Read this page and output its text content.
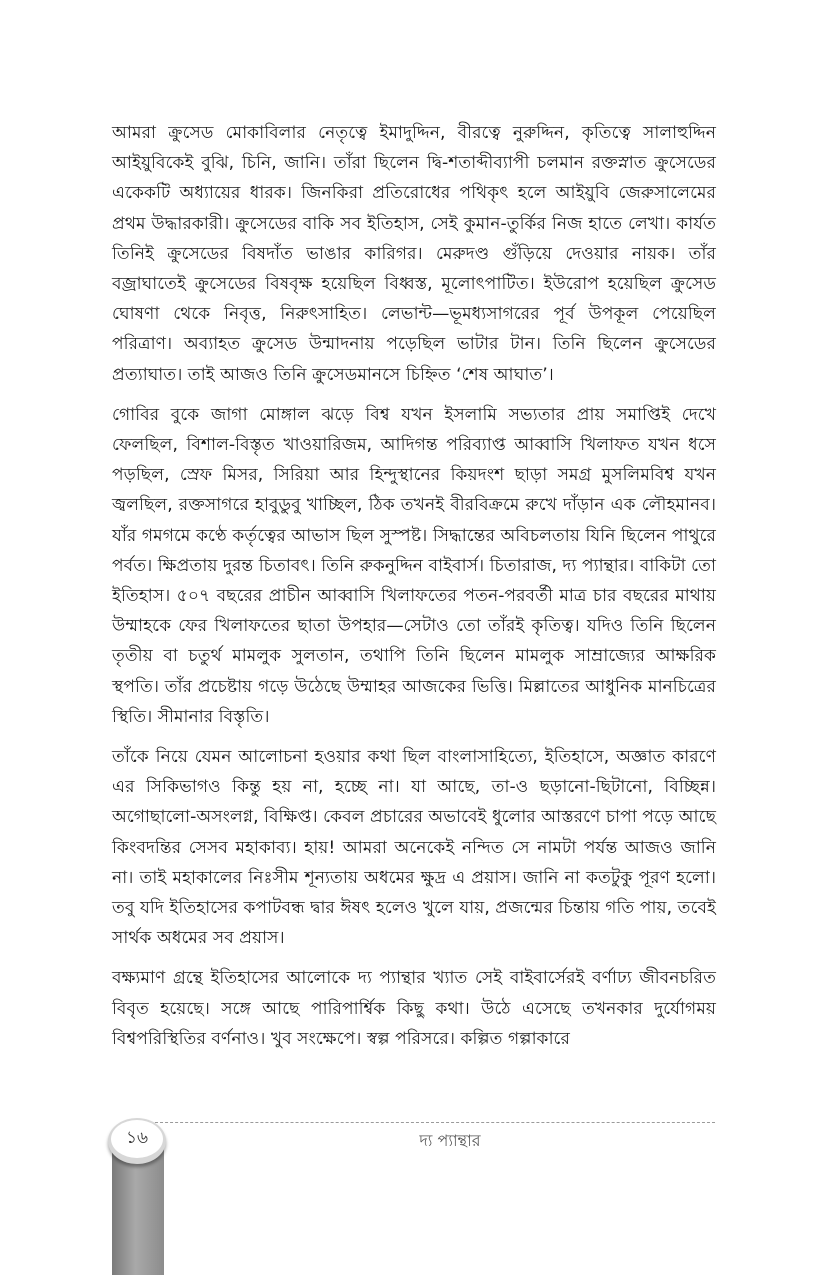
আমরা ক্রুসেড মোকাবিলার নেতৃত্বে ইমাদুদ্দিন, বীরত্বে নুরুদ্দিন, কৃতিত্বে সালাহুদ্দিন আইয়ুবিকেই বুঝি, চিনি, জানি। তাঁরা ছিলেন দ্বি-শতাব্দীব্যাপী চলমান রক্তস্নাত ক্রুসেডের একেকটি অধ্যায়ের ধারক। জিনকিরা প্রতিরোধের পথিকৃৎ হলে আইয়ুবি জেরুসালেমের প্রথম উদ্ধারকারী। ক্রুসেডের বাকি সব ইতিহাস, সেই কুমান-তুর্কির নিজ হাতে লেখা। কার্যত তিনিই ক্রুসেডের বিষদাঁত ভাঙার কারিগর। মেরুদণ্ড গুঁড়িয়ে দেওয়ার নায়ক। তাঁর বজ্রাঘাতেই ক্রুসেডের বিষবৃক্ষ হয়েছিল বিধ্বস্ত, মূলোৎপাটিত। ইউরোপ হয়েছিল ক্রুসেড ঘোষণা থেকে নিবৃত্ত, নিরুৎসাহিত। লেভান্ট—ভূমধ্যসাগরের পূর্ব উপকূল পেয়েছিল পরিত্রাণ। অব্যাহত ক্রুসেড উন্মাদনায় পড়েছিল ভাটার টান। তিনি ছিলেন ক্রুসেডের প্রত্যাঘাত। তাই আজও তিনি ক্রুসেডমানসে চিহ্নিত ‘শেষ আঘাত’।

গোবির বুকে জাগা মোঙ্গাল ঝড়ে বিশ্ব যখন ইসলামি সভ্যতার প্রায় সমাপ্তিই দেখে ফেলছিল, বিশাল-বিস্তৃত খাওয়ারিজম, আদিগন্ত পরিব্যাপ্ত আব্বাসি খিলাফত যখন ধসে পড়ছিল, স্রেফ মিসর, সিরিয়া আর হিন্দুস্থানের কিয়দংশ ছাড়া সমগ্র মুসলিমবিশ্ব যখন জ্বলছিল, রক্তসাগরে হাবুডুবু খাচ্ছিল, ঠিক তখনই বীরবিক্রমে রুখে দাঁড়ান এক লৌহমানব। যাঁর গমগমে কণ্ঠে কর্তৃত্বের আভাস ছিল সুস্পষ্ট। সিদ্ধান্তের অবিচলতায় যিনি ছিলেন পাথুরে পর্বত। ক্ষিপ্রতায় দুরন্ত চিতাবৎ। তিনি রুকনুদ্দিন বাইবার্স। চিতারাজ, দ্য প্যান্থার। বাকিটা তো ইতিহাস। ৫০৭ বছরের প্রাচীন আব্বাসি খিলাফতের পতন-পরবর্তী মাত্র চার বছরের মাথায় উম্মাহকে ফের খিলাফতের ছাতা উপহার—সেটাও তো তাঁরই কৃতিত্ব। যদিও তিনি ছিলেন তৃতীয় বা চতুর্থ মামলুক সুলতান, তথাপি তিনি ছিলেন মামলুক সাম্রাজ্যের আক্ষরিক স্থপতি। তাঁর প্রচেষ্টায় গড়ে উঠেছে উম্মাহর আজকের ভিত্তি। মিল্লাতের আধুনিক মানচিত্রের স্থিতি। সীমানার বিস্তৃতি।

তাঁকে নিয়ে যেমন আলোচনা হওয়ার কথা ছিল বাংলাসাহিত্যে, ইতিহাসে, অজ্ঞাত কারণে এর সিকিভাগও কিন্তু হয় না, হচ্ছে না। যা আছে, তা-ও ছড়ানো-ছিটানো, বিচ্ছিন্ন। অগোছালো-অসংলগ্ন, বিক্ষিপ্ত। কেবল প্রচারের অভাবেই ধুলোর আস্তরণে চাপা পড়ে আছে কিংবদন্তির সেসব মহাকাব্য। হায়! আমরা অনেকেই নন্দিত সে নামটা পর্যন্ত আজও জানি না। তাই মহাকালের নিঃসীম শূন্যতায় অধমের ক্ষুদ্র এ প্রয়াস। জানি না কতটুকু পূরণ হলো। তবু যদি ইতিহাসের কপাটবন্ধ দ্বার ঈষৎ হলেও খুলে যায়, প্রজন্মের চিন্তায় গতি পায়, তবেই সার্থক অধমের সব প্রয়াস।

বক্ষ্যমাণ গ্রন্থে ইতিহাসের আলোকে দ্য প্যান্থার খ্যাত সেই বাইবার্সেরই বর্ণাঢ্য জীবনচরিত বিবৃত হয়েছে। সঙ্গে আছে পারিপার্শ্বিক কিছু কথা। উঠে এসেছে তখনকার দুর্যোগময় বিশ্বপরিস্থিতির বর্ণনাও। খুব সংক্ষেপে। স্বল্প পরিসরে। কল্পিত গল্পাকারে

দ্য প্যান্থার
১৬
